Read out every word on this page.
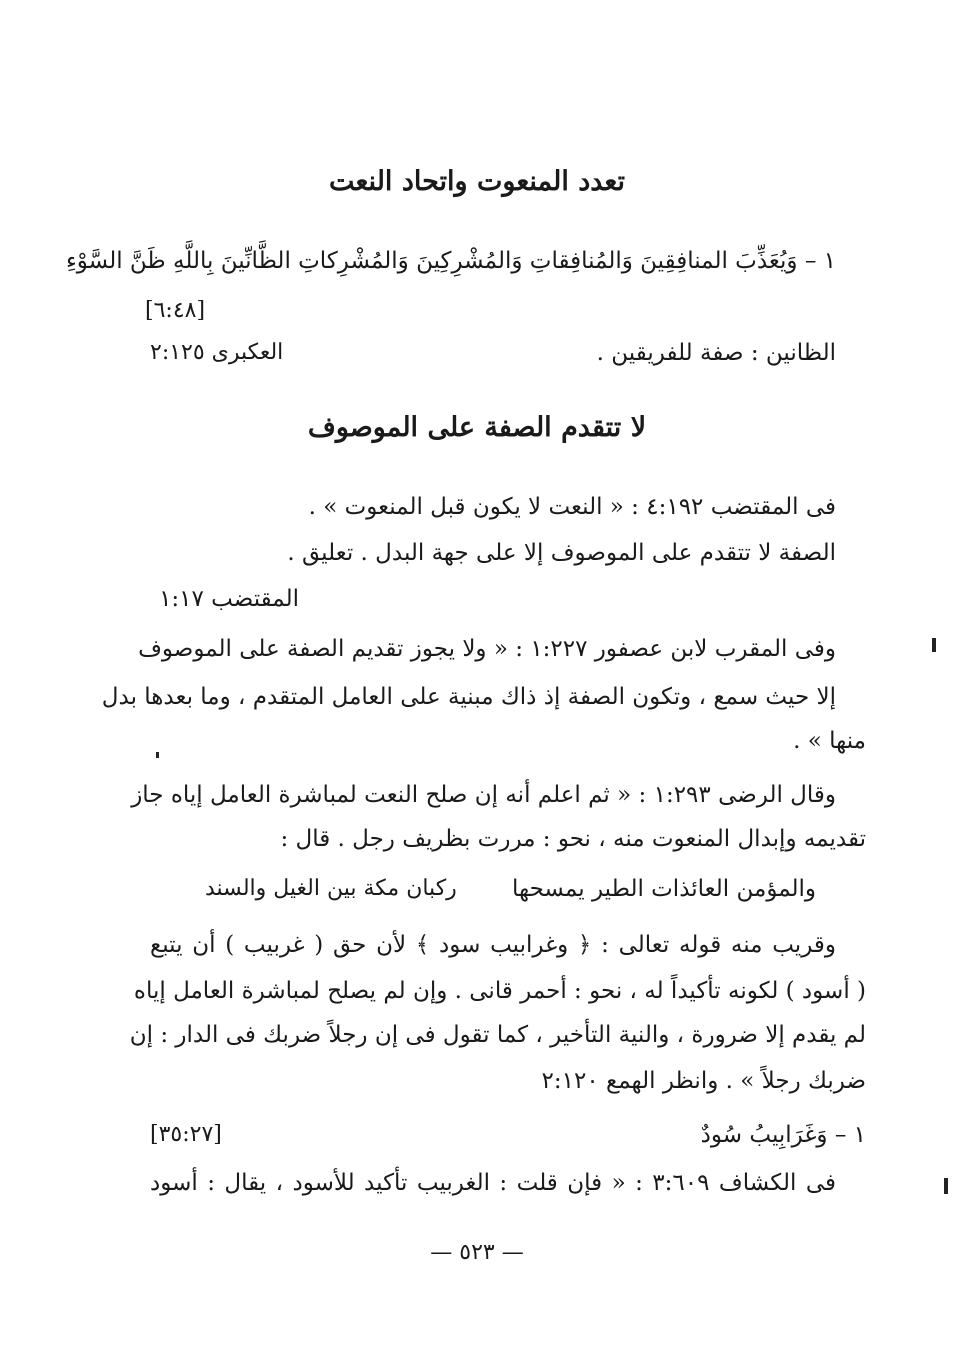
تعدد المنعوت واتحاد النعت
١ – وَيُعَذِّبَ المنافِقِينَ وَالمُنافِقاتِ وَالمُشْرِكِينَ وَالمُشْرِكاتِ الظَّانِّينَ بِاللَّهِ ظَنَّ السَّوْءِ
[٦:٤٨]
الظانين : صفة للفريقين .
العكبرى ٢:١٢٥
لا تتقدم الصفة على الموصوف
فى المقتضب ٤:١٩٢ : « النعت لا يكون قبل المنعوت » .
الصفة لا تتقدم على الموصوف إلا على جهة البدل . تعليق .
المقتضب ١:١٧
وفى المقرب لابن عصفور ١:٢٢٧ : « ولا يجوز تقديم الصفة على الموصوف
إلا حيث سمع ، وتكون الصفة إذ ذاك مبنية على العامل المتقدم ، وما بعدها بدل
منها » .
وقال الرضى ١:٢٩٣ : « ثم اعلم أنه إن صلح النعت لمباشرة العامل إياه جاز
تقديمه وإبدال المنعوت منه ، نحو : مررت بظريف رجل . قال :
والمؤمن العائذات الطير يمسحها
ركبان مكة بين الغيل والسند
وقريب منه قوله تعالى : ﴿ وغرابيب سود ﴾ لأن حق ( غربيب ) أن يتبع
( أسود ) لكونه تأكيداً له ، نحو : أحمر قانى . وإن لم يصلح لمباشرة العامل إياه
لم يقدم إلا ضرورة ، والنية التأخير ، كما تقول فى إن رجلاً ضربك فى الدار : إن
ضربك رجلاً » . وانظر الهمع ٢:١٢٠
١ – وَغَرَابِيبُ سُودٌ
[٣٥:٢٧]
فى الكشاف ٣:٦٠٩ : « فإن قلت : الغربيب تأكيد للأسود ، يقال : أسود
— ٥٢٣ —
